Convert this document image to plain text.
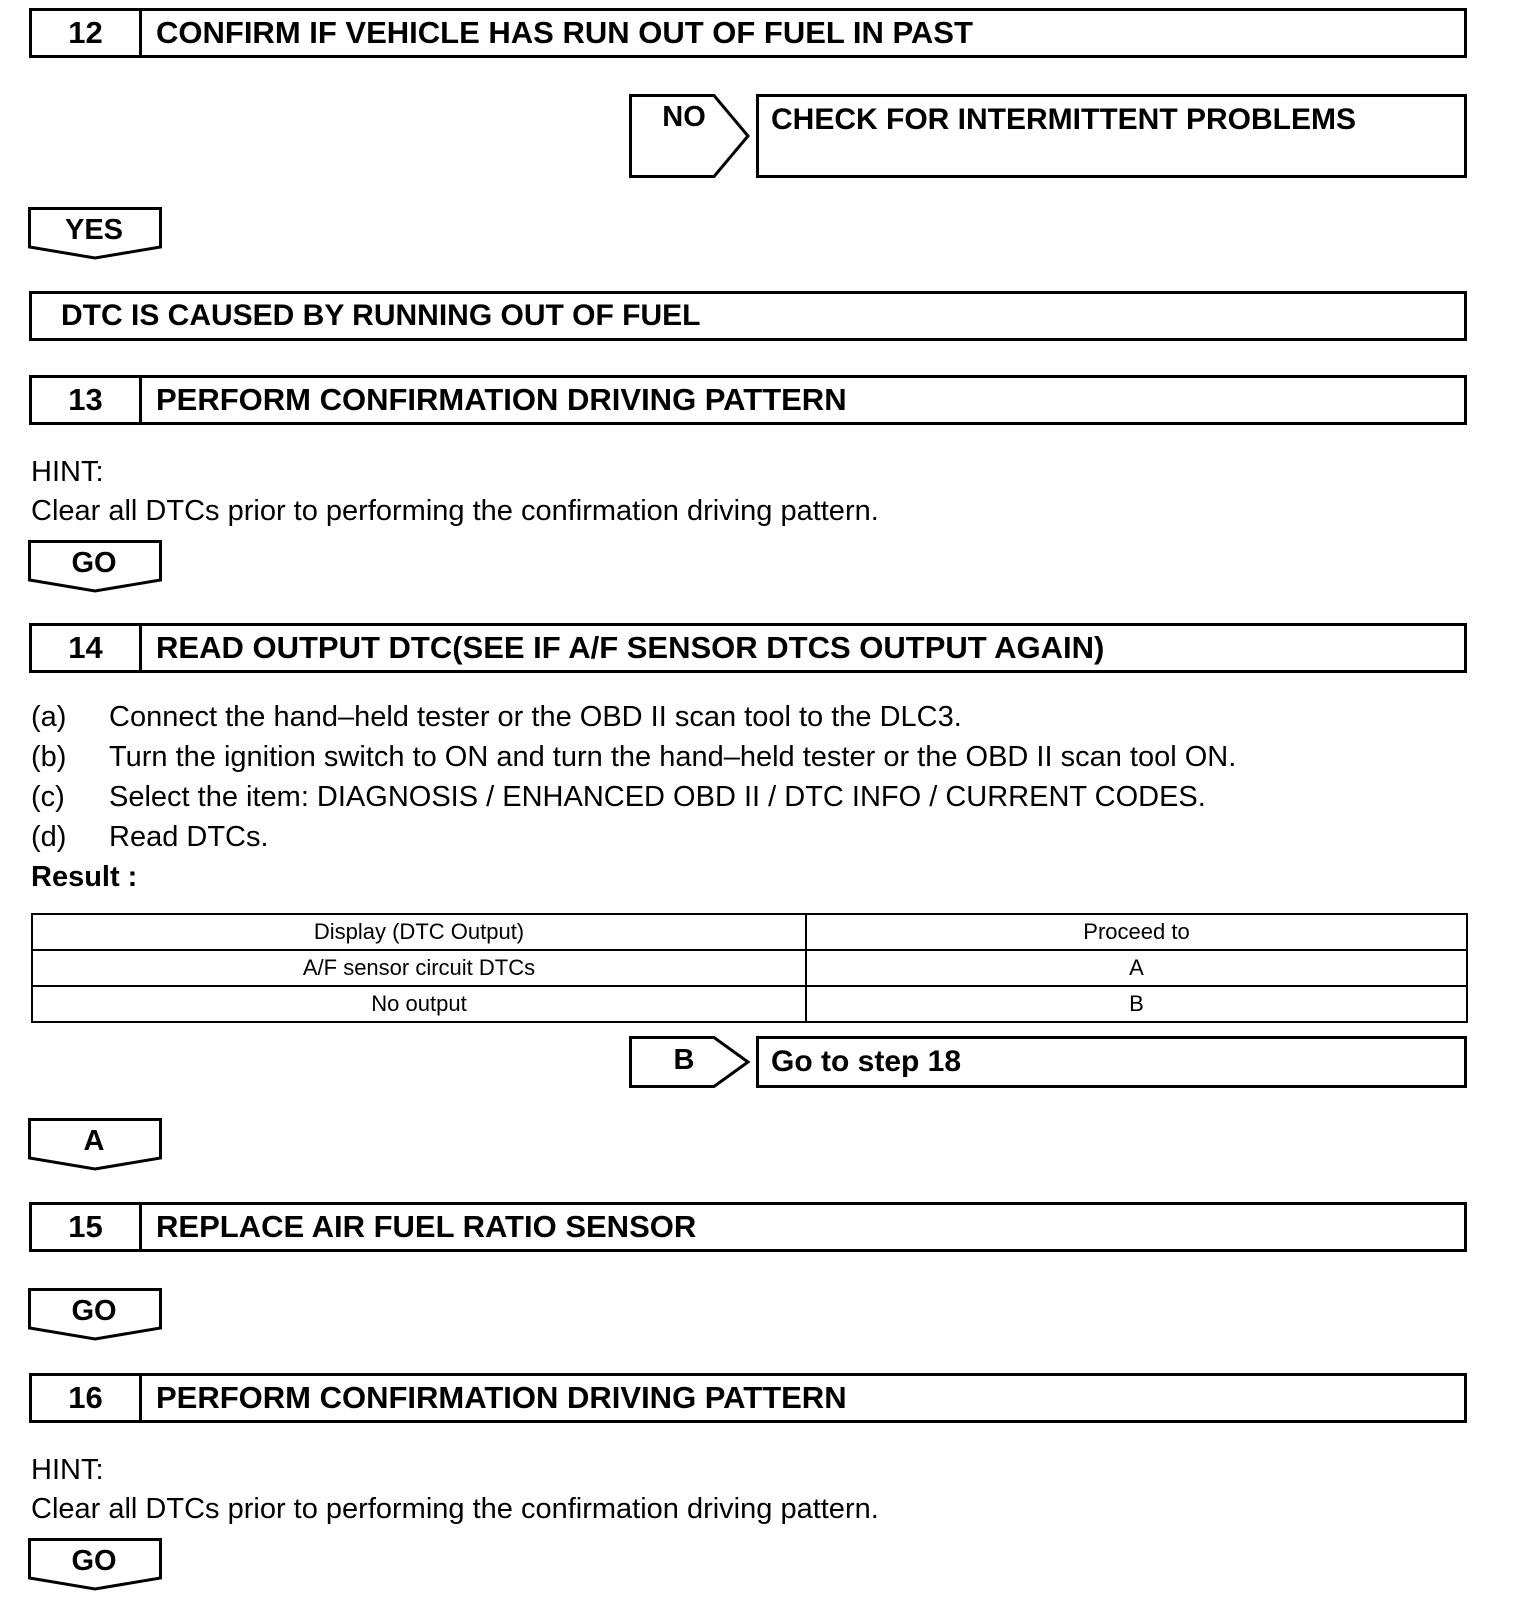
12	CONFIRM IF VEHICLE HAS RUN OUT OF FUEL IN PAST
NO	CHECK FOR INTERMITTENT PROBLEMS
YES
DTC IS CAUSED BY RUNNING OUT OF FUEL
13	PERFORM CONFIRMATION DRIVING PATTERN
HINT:
Clear all DTCs prior to performing the confirmation driving pattern.
GO
14	READ OUTPUT DTC(SEE IF A/F SENSOR DTCS OUTPUT AGAIN)
(a) Connect the hand–held tester or the OBD II scan tool to the DLC3.
(b) Turn the ignition switch to ON and turn the hand–held tester or the OBD II scan tool ON.
(c) Select the item: DIAGNOSIS / ENHANCED OBD II / DTC INFO / CURRENT CODES.
(d) Read DTCs.
Result :
Display (DTC Output)	Proceed to
A/F sensor circuit DTCs	A
No output	B
B	Go to step 18
A
15	REPLACE AIR FUEL RATIO SENSOR
GO
16	PERFORM CONFIRMATION DRIVING PATTERN
HINT:
Clear all DTCs prior to performing the confirmation driving pattern.
GO
